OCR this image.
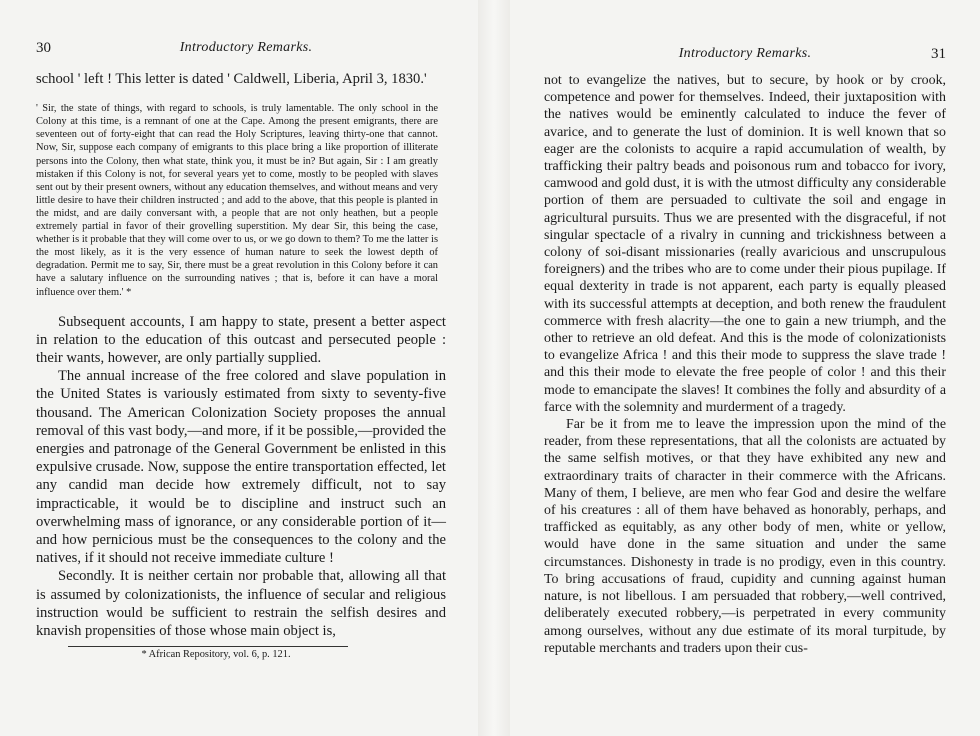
30	Introductory Remarks.
school ' left ! This letter is dated ' Caldwell, Liberia, April 3, 1830.'

' Sir, the state of things, with regard to schools, is truly lamentable. The only school in the Colony at this time, is a remnant of one at the Cape. Among the present emigrants, there are seventeen out of forty-eight that can read the Holy Scriptures, leaving thirty-one that cannot. Now, Sir, suppose each company of emigrants to this place bring a like proportion of illiterate persons into the Colony, then what state, think you, it must be in? But again, Sir : I am greatly mistaken if this Colony is not, for several years yet to come, mostly to be peopled with slaves sent out by their present owners, without any education themselves, and without means and very little desire to have their children instructed ; and add to the above, that this people is planted in the midst, and are daily conversant with, a people that are not only heathen, but a people extremely partial in favor of their grovelling superstition. My dear Sir, this being the case, whether is it probable that they will come over to us, or we go down to them? To me the latter is the most likely, as it is the very essence of human nature to seek the lowest depth of degradation. Permit me to say, Sir, there must be a great revolution in this Colony before it can have a salutary influence on the surrounding natives ; that is, before it can have a moral influence over them.' *

Subsequent accounts, I am happy to state, present a better aspect in relation to the education of this outcast and persecuted people : their wants, however, are only partially supplied.

The annual increase of the free colored and slave population in the United States is variously estimated from sixty to seventy-five thousand. The American Colonization Society proposes the annual removal of this vast body,—and more, if it be possible,—provided the energies and patronage of the General Government be enlisted in this expulsive crusade. Now, suppose the entire transportation effected, let any candid man decide how extremely difficult, not to say impracticable, it would be to discipline and instruct such an overwhelming mass of ignorance, or any considerable portion of it—and how pernicious must be the consequences to the colony and the natives, if it should not receive immediate culture !

Secondly. It is neither certain nor probable that, allowing all that is assumed by colonizationists, the influence of secular and religious instruction would be sufficient to restrain the selfish desires and knavish propensities of those whose main object is,

* African Repository, vol. 6, p. 121.
Introductory Remarks.	31

not to evangelize the natives, but to secure, by hook or by crook, competence and power for themselves. Indeed, their juxtaposition with the natives would be eminently calculated to induce the fever of avarice, and to generate the lust of dominion. It is well known that so eager are the colonists to acquire a rapid accumulation of wealth, by trafficking their paltry beads and poisonous rum and tobacco for ivory, camwood and gold dust, it is with the utmost difficulty any considerable portion of them are persuaded to cultivate the soil and engage in agricultural pursuits. Thus we are presented with the disgraceful, if not singular spectacle of a rivalry in cunning and trickishness between a colony of soi-disant missionaries (really avaricious and unscrupulous foreigners) and the tribes who are to come under their pious pupilage. If equal dexterity in trade is not apparent, each party is equally pleased with its successful attempts at deception, and both renew the fraudulent commerce with fresh alacrity—the one to gain a new triumph, and the other to retrieve an old defeat. And this is the mode of colonizationists to evangelize Africa ! and this their mode to suppress the slave trade ! and this their mode to elevate the free people of color ! and this their mode to emancipate the slaves! It combines the folly and absurdity of a farce with the solemnity and murderment of a tragedy.

Far be it from me to leave the impression upon the mind of the reader, from these representations, that all the colonists are actuated by the same selfish motives, or that they have exhibited any new and extraordinary traits of character in their commerce with the Africans. Many of them, I believe, are men who fear God and desire the welfare of his creatures : all of them have behaved as honorably, perhaps, and trafficked as equitably, as any other body of men, white or yellow, would have done in the same situation and under the same circumstances. Dishonesty in trade is no prodigy, even in this country. To bring accusations of fraud, cupidity and cunning against human nature, is not libellous. I am persuaded that robbery,—well contrived, deliberately executed robbery,—is perpetrated in every community among ourselves, without any due estimate of its moral turpitude, by reputable merchants and traders upon their cus-
